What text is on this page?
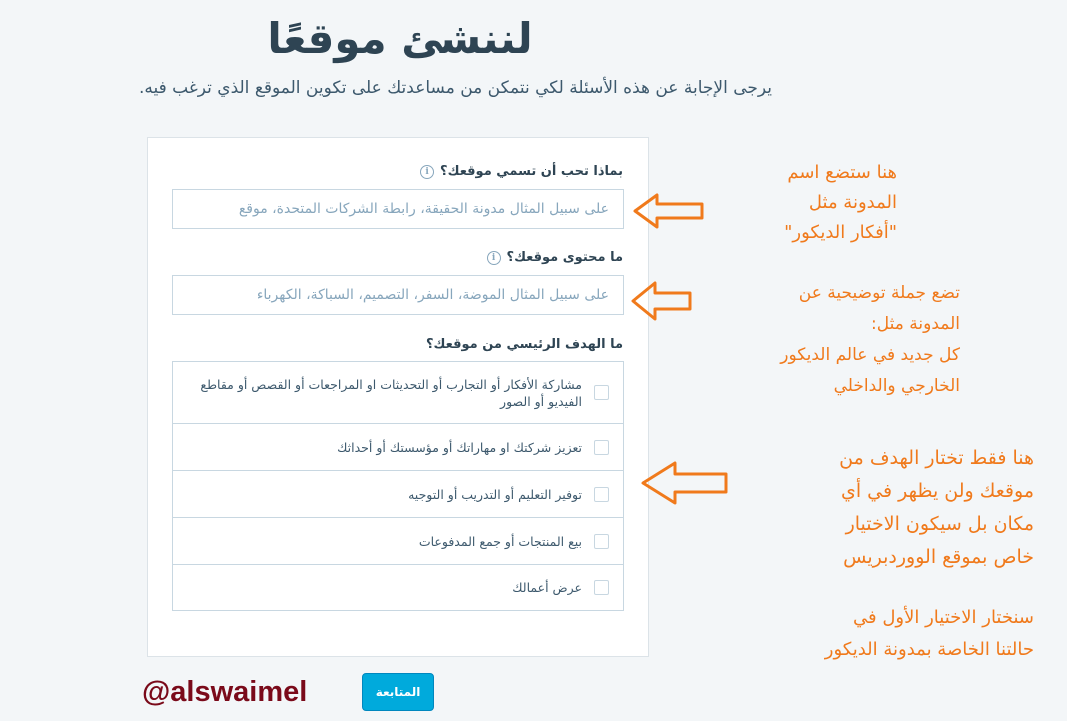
لننشئ موقعًا

يرجى الإجابة عن هذه الأسئلة لكي نتمكن من مساعدتك على تكوين الموقع الذي ترغب فيه.

بماذا تحب أن تسمي موقعك؟
i
على سبيل المثال مدونة الحقيقة، رابطة الشركات المتحدة، موقع
ما محتوى موقعك؟
i
على سبيل المثال الموضة، السفر، التصميم، السباكة، الكهرباء
ما الهدف الرئيسي من موقعك؟
مشاركة الأفكار أو التجارب أو التحديثات او المراجعات أو القصص أو مقاطع الفيديو أو الصور
تعزيز شركتك او مهاراتك أو مؤسستك أو أحداثك
توفير التعليم أو التدريب أو التوجيه
بيع المنتجات أو جمع المدفوعات
عرض أعمالك
@alswaimel	المتابعة
هنا ستضع اسم
المدونة مثل
"أفكار الديكور"
تضع جملة توضيحية عن
المدونة مثل:
كل جديد في عالم الديكور
الخارجي والداخلي
هنا فقط تختار الهدف من
موقعك ولن يظهر في أي
مكان بل سيكون الاختيار
خاص بموقع الووردبريس
سنختار الاختيار الأول في
حالتنا الخاصة بمدونة الديكور
